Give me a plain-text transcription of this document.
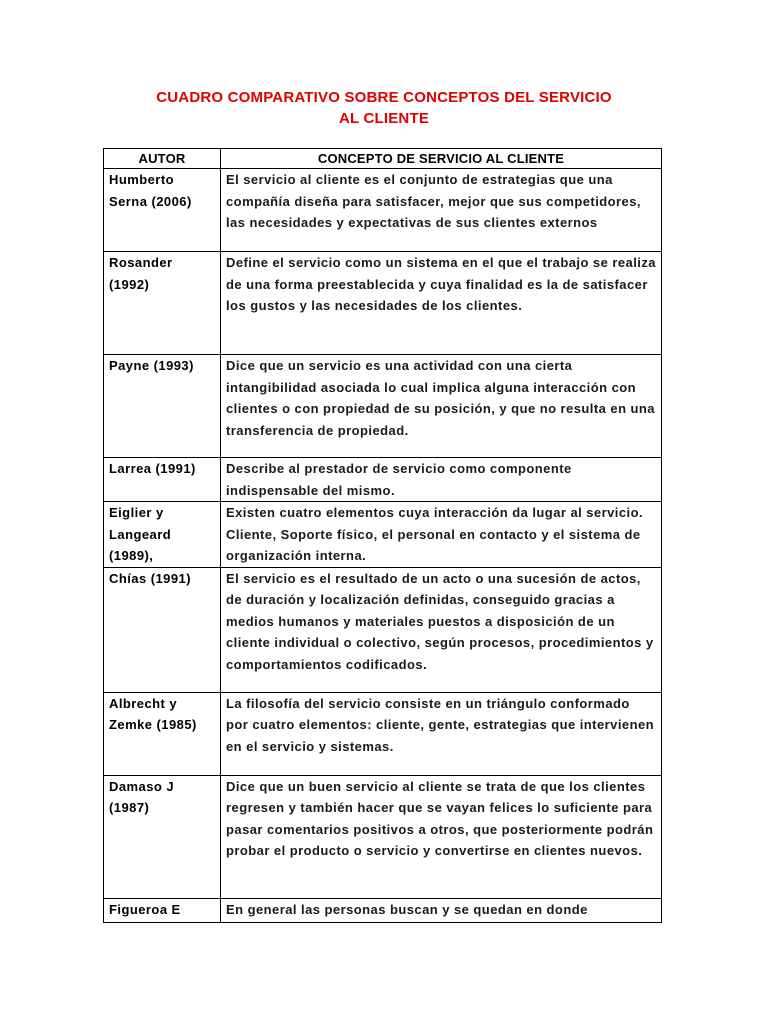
CUADRO COMPARATIVO SOBRE CONCEPTOS DEL SERVICIO
AL CLIENTE
AUTOR	CONCEPTO DE SERVICIO AL CLIENTE
Humberto Serna (2006)	El servicio al cliente es el conjunto de estrategias que una compañía diseña para satisfacer, mejor que sus competidores, las necesidades y expectativas de sus clientes externos
Rosander (1992)	Define el servicio como un sistema en el que el trabajo se realiza de una forma preestablecida y cuya finalidad es la de satisfacer los gustos y las necesidades de los clientes.
Payne (1993)	Dice que un servicio es una actividad con una cierta intangibilidad asociada lo cual implica alguna interacción con clientes o con propiedad de su posición, y que no resulta en una transferencia de propiedad.
Larrea (1991)	Describe al prestador de servicio como componente indispensable del mismo.
Eiglier y Langeard (1989),	Existen cuatro elementos cuya interacción da lugar al servicio. Cliente, Soporte físico, el personal en contacto y el sistema de organización interna.
Chías (1991)	El servicio es el resultado de un acto o una sucesión de actos, de duración y localización definidas, conseguido gracias a medios humanos y materiales puestos a disposición de un cliente individual o colectivo, según procesos, procedimientos y comportamientos codificados.
Albrecht y Zemke (1985)	La filosofía del servicio consiste en un triángulo conformado por cuatro elementos: cliente, gente, estrategias que intervienen en el servicio y sistemas.
Damaso J (1987)	Dice que un buen servicio al cliente se trata de que los clientes regresen y también hacer que se vayan felices lo suficiente para pasar comentarios positivos a otros, que posteriormente podrán probar el producto o servicio y convertirse en clientes nuevos.
Figueroa E	En general las personas buscan y se quedan en donde
